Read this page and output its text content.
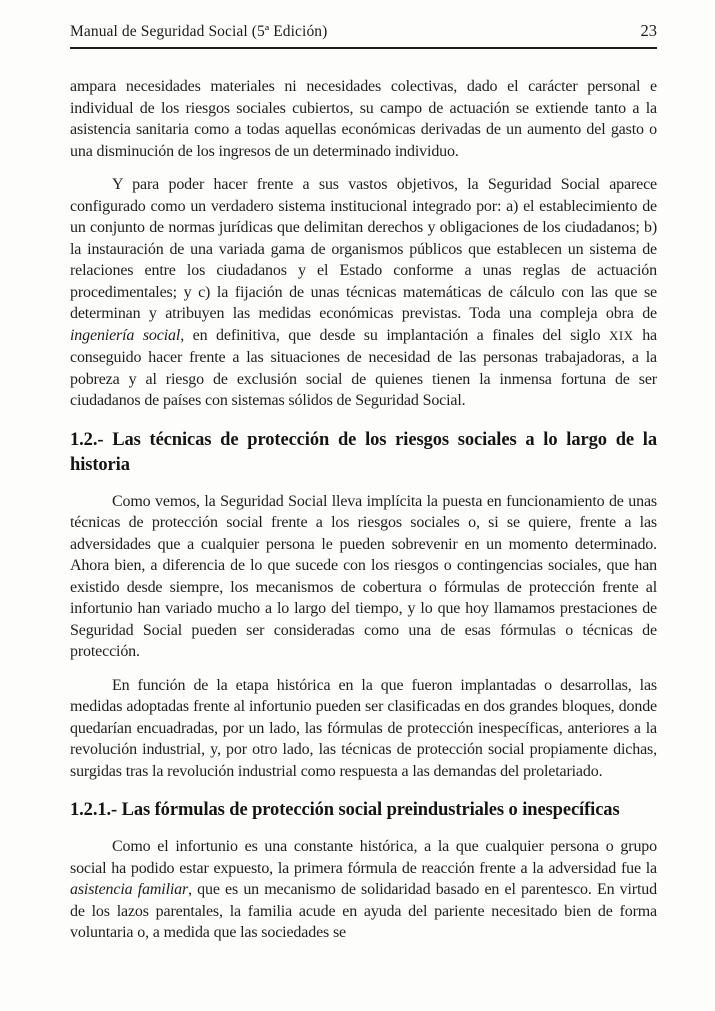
Manual de Seguridad Social (5ª Edición)	23

ampara necesidades materiales ni necesidades colectivas, dado el carácter personal e individual de los riesgos sociales cubiertos, su campo de actuación se extiende tanto a la asistencia sanitaria como a todas aquellas económicas derivadas de un aumento del gasto o una disminución de los ingresos de un determinado individuo.

Y para poder hacer frente a sus vastos objetivos, la Seguridad Social aparece configurado como un verdadero sistema institucional integrado por: a) el establecimiento de un conjunto de normas jurídicas que delimitan derechos y obligaciones de los ciudadanos; b) la instauración de una variada gama de organismos públicos que establecen un sistema de relaciones entre los ciudadanos y el Estado conforme a unas reglas de actuación procedimentales; y c) la fijación de unas técnicas matemáticas de cálculo con las que se determinan y atribuyen las medidas económicas previstas. Toda una compleja obra de ingeniería social, en definitiva, que desde su implantación a finales del siglo XIX ha conseguido hacer frente a las situaciones de necesidad de las personas trabajadoras, a la pobreza y al riesgo de exclusión social de quienes tienen la inmensa fortuna de ser ciudadanos de países con sistemas sólidos de Seguridad Social.

1.2.- Las técnicas de protección de los riesgos sociales a lo largo de la historia

Como vemos, la Seguridad Social lleva implícita la puesta en funcionamiento de unas técnicas de protección social frente a los riesgos sociales o, si se quiere, frente a las adversidades que a cualquier persona le pueden sobrevenir en un momento determinado. Ahora bien, a diferencia de lo que sucede con los riesgos o contingencias sociales, que han existido desde siempre, los mecanismos de cobertura o fórmulas de protección frente al infortunio han variado mucho a lo largo del tiempo, y lo que hoy llamamos prestaciones de Seguridad Social pueden ser consideradas como una de esas fórmulas o técnicas de protección.

En función de la etapa histórica en la que fueron implantadas o desarrollas, las medidas adoptadas frente al infortunio pueden ser clasificadas en dos grandes bloques, donde quedarían encuadradas, por un lado, las fórmulas de protección inespecíficas, anteriores a la revolución industrial, y, por otro lado, las técnicas de protección social propiamente dichas, surgidas tras la revolución industrial como respuesta a las demandas del proletariado.

1.2.1.- Las fórmulas de protección social preindustriales o inespecíficas

Como el infortunio es una constante histórica, a la que cualquier persona o grupo social ha podido estar expuesto, la primera fórmula de reacción frente a la adversidad fue la asistencia familiar, que es un mecanismo de solidaridad basado en el parentesco. En virtud de los lazos parentales, la familia acude en ayuda del pariente necesitado bien de forma voluntaria o, a medida que las sociedades se
